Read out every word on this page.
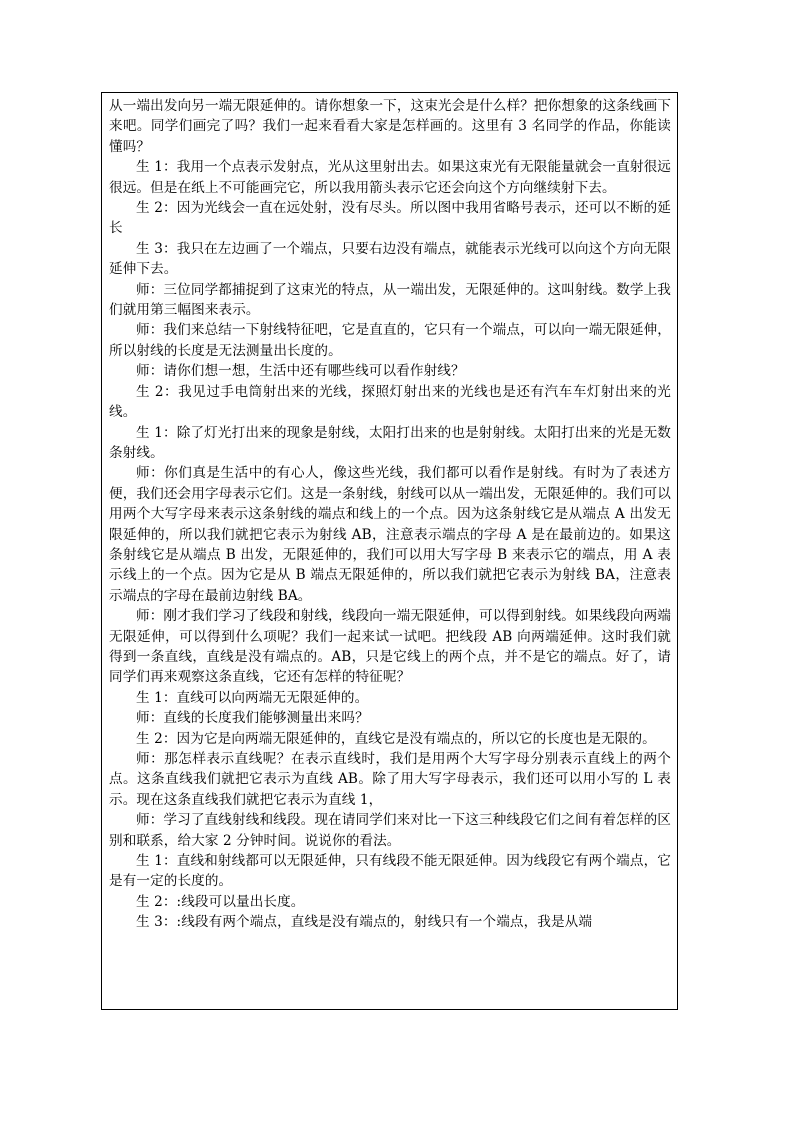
从一端出发向另一端无限延伸的。请你想象一下，这束光会是什么样？把你想象的这条线画下来吧。同学们画完了吗？我们一起来看看大家是怎样画的。这里有 3 名同学的作品，你能读懂吗？

生 1：我用一个点表示发射点，光从这里射出去。如果这束光有无限能量就会一直射很远很远。但是在纸上不可能画完它，所以我用箭头表示它还会向这个方向继续射下去。

生 2：因为光线会一直在远处射，没有尽头。所以图中我用省略号表示，还可以不断的延长

生 3：我只在左边画了一个端点，只要右边没有端点，就能表示光线可以向这个方向无限延伸下去。

师：三位同学都捕捉到了这束光的特点，从一端出发，无限延伸的。这叫射线。数学上我们就用第三幅图来表示。

师：我们来总结一下射线特征吧，它是直直的，它只有一个端点，可以向一端无限延伸，所以射线的长度是无法测量出长度的。

师：请你们想一想，生活中还有哪些线可以看作射线？

生 2：我见过手电筒射出来的光线，探照灯射出来的光线也是还有汽车车灯射出来的光线。

生 1：除了灯光打出来的现象是射线，太阳打出来的也是射射线。太阳打出来的光是无数条射线。

师：你们真是生活中的有心人，像这些光线，我们都可以看作是射线。有时为了表述方便，我们还会用字母表示它们。这是一条射线，射线可以从一端出发，无限延伸的。我们可以用两个大写字母来表示这条射线的端点和线上的一个点。因为这条射线它是从端点 A 出发无限延伸的，所以我们就把它表示为射线 AB，注意表示端点的字母 A 是在最前边的。如果这条射线它是从端点 B 出发，无限延伸的，我们可以用大写字母 B 来表示它的端点，用 A 表示线上的一个点。因为它是从 B 端点无限延伸的，所以我们就把它表示为射线 BA，注意表示端点的字母在最前边射线 BA。

师：刚才我们学习了线段和射线，线段向一端无限延伸，可以得到射线。如果线段向两端无限延伸，可以得到什么项呢？我们一起来试一试吧。把线段 AB 向两端延伸。这时我们就得到一条直线，直线是没有端点的。AB，只是它线上的两个点，并不是它的端点。好了，请同学们再来观察这条直线，它还有怎样的特征呢？

生 1：直线可以向两端无无限延伸的。

师：直线的长度我们能够测量出来吗？

生 2：因为它是向两端无限延伸的，直线它是没有端点的，所以它的长度也是无限的。

师：那怎样表示直线呢？在表示直线时，我们是用两个大写字母分别表示直线上的两个点。这条直线我们就把它表示为直线 AB。除了用大写字母表示，我们还可以用小写的 L 表示。现在这条直线我们就把它表示为直线 1，

师：学习了直线射线和线段。现在请同学们来对比一下这三种线段它们之间有着怎样的区别和联系，给大家 2 分钟时间。说说你的看法。

生 1：直线和射线都可以无限延伸，只有线段不能无限延伸。因为线段它有两个端点，它是有一定的长度的。

生 2：:线段可以量出长度。

生 3：:线段有两个端点，直线是没有端点的，射线只有一个端点，我是从端
